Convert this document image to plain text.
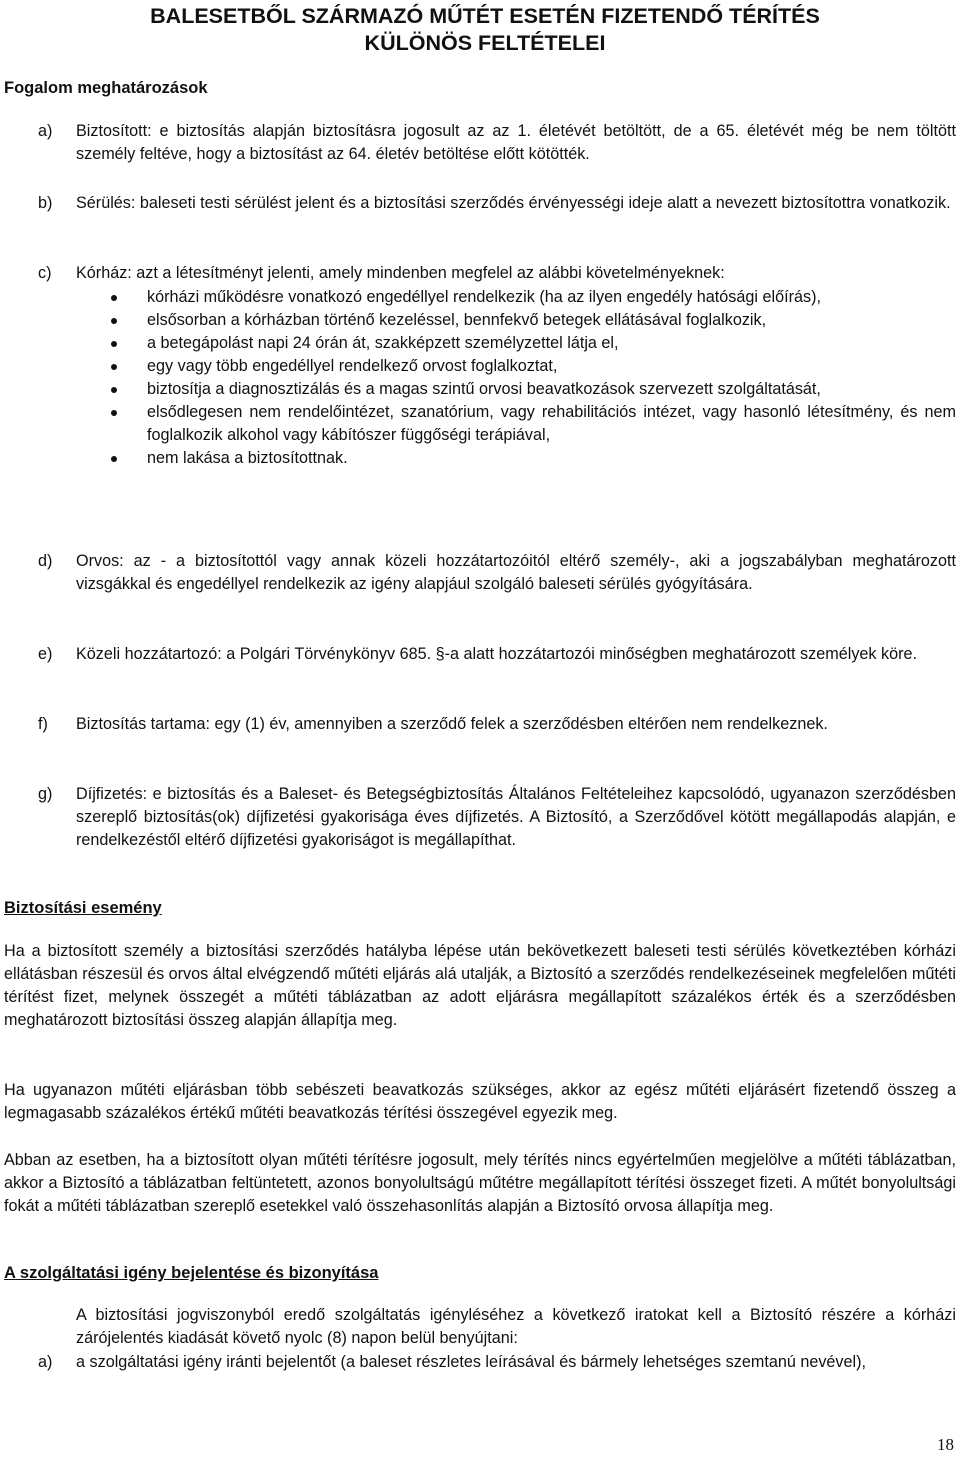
BALESETBŐL SZÁRMAZÓ MŰTÉT ESETÉN FIZETENDŐ TÉRÍTÉS
KÜLÖNÖS FELTÉTELEI
Fogalom meghatározások
a)	Biztosított: e biztosítás alapján biztosításra jogosult az az 1. életévét betöltött, de a 65. életévét még be nem töltött személy feltéve, hogy a biztosítást az 64. életév betöltése előtt kötötték.
b)	Sérülés: baleseti testi sérülést jelent és a biztosítási szerződés érvényességi ideje alatt a nevezett biztosítottra vonatkozik.
c)	Kórház: azt a létesítményt jelenti, amely mindenben megfelel az alábbi követelményeknek:
kórházi működésre vonatkozó engedéllyel rendelkezik (ha az ilyen engedély hatósági előírás),
elsősorban a kórházban történő kezeléssel, bennfekvő betegek ellátásával foglalkozik,
a betegápolást napi 24 órán át, szakképzett személyzettel látja el,
egy vagy több engedéllyel rendelkező orvost foglalkoztat,
biztosítja a diagnosztizálás és a magas szintű orvosi beavatkozások szervezett szolgáltatását,
elsődlegesen nem rendelőintézet, szanatórium, vagy rehabilitációs intézet, vagy hasonló létesítmény, és nem foglalkozik alkohol vagy kábítószer függőségi terápiával,
nem lakása a biztosítottnak.
d)	Orvos: az - a biztosítottól vagy annak közeli hozzátartozóitól eltérő személy-, aki a jogszabályban meghatározott vizsgákkal és engedéllyel rendelkezik az igény alapjául szolgáló baleseti sérülés gyógyítására.
e)	Közeli hozzátartozó: a Polgári Törvénykönyv 685. §-a alatt hozzátartozói minőségben meghatározott személyek köre.
f)	Biztosítás tartama: egy (1) év, amennyiben a szerződő felek a szerződésben eltérően nem rendelkeznek.
g)	Díjfizetés: e biztosítás és a Baleset- és Betegségbiztosítás Általános Feltételeihez kapcsolódó, ugyanazon szerződésben szereplő biztosítás(ok) díjfizetési gyakorisága éves díjfizetés. A Biztosító, a Szerződővel kötött megállapodás alapján, e rendelkezéstől eltérő díjfizetési gyakoriságot is megállapíthat.
Biztosítási esemény
Ha a biztosított személy a biztosítási szerződés hatályba lépése után bekövetkezett baleseti testi sérülés következtében kórházi ellátásban részesül és orvos által elvégzendő műtéti eljárás alá utalják, a Biztosító a szerződés rendelkezéseinek megfelelően műtéti térítést fizet, melynek összegét a műtéti táblázatban az adott eljárásra megállapított százalékos érték és a szerződésben meghatározott biztosítási összeg alapján állapítja meg.
Ha ugyanazon műtéti eljárásban több sebészeti beavatkozás szükséges, akkor az egész műtéti eljárásért fizetendő összeg a legmagasabb százalékos értékű műtéti beavatkozás térítési összegével egyezik meg.
Abban az esetben, ha a biztosított olyan műtéti térítésre jogosult, mely térítés nincs egyértelműen megjelölve a műtéti táblázatban, akkor a Biztosító a táblázatban feltüntetett, azonos bonyolultságú műtétre megállapított térítési összeget fizeti. A műtét bonyolultsági fokát a műtéti táblázatban szereplő esetekkel való összehasonlítás alapján a Biztosító orvosa állapítja meg.
A szolgáltatási igény bejelentése és bizonyítása
A biztosítási jogviszonyból eredő szolgáltatás igényléséhez a következő iratokat kell a Biztosító részére a kórházi zárójelentés kiadását követő nyolc (8) napon belül benyújtani:
a)	a szolgáltatási igény iránti bejelentőt (a baleset részletes leírásával és bármely lehetséges szemtanú nevével),
18
